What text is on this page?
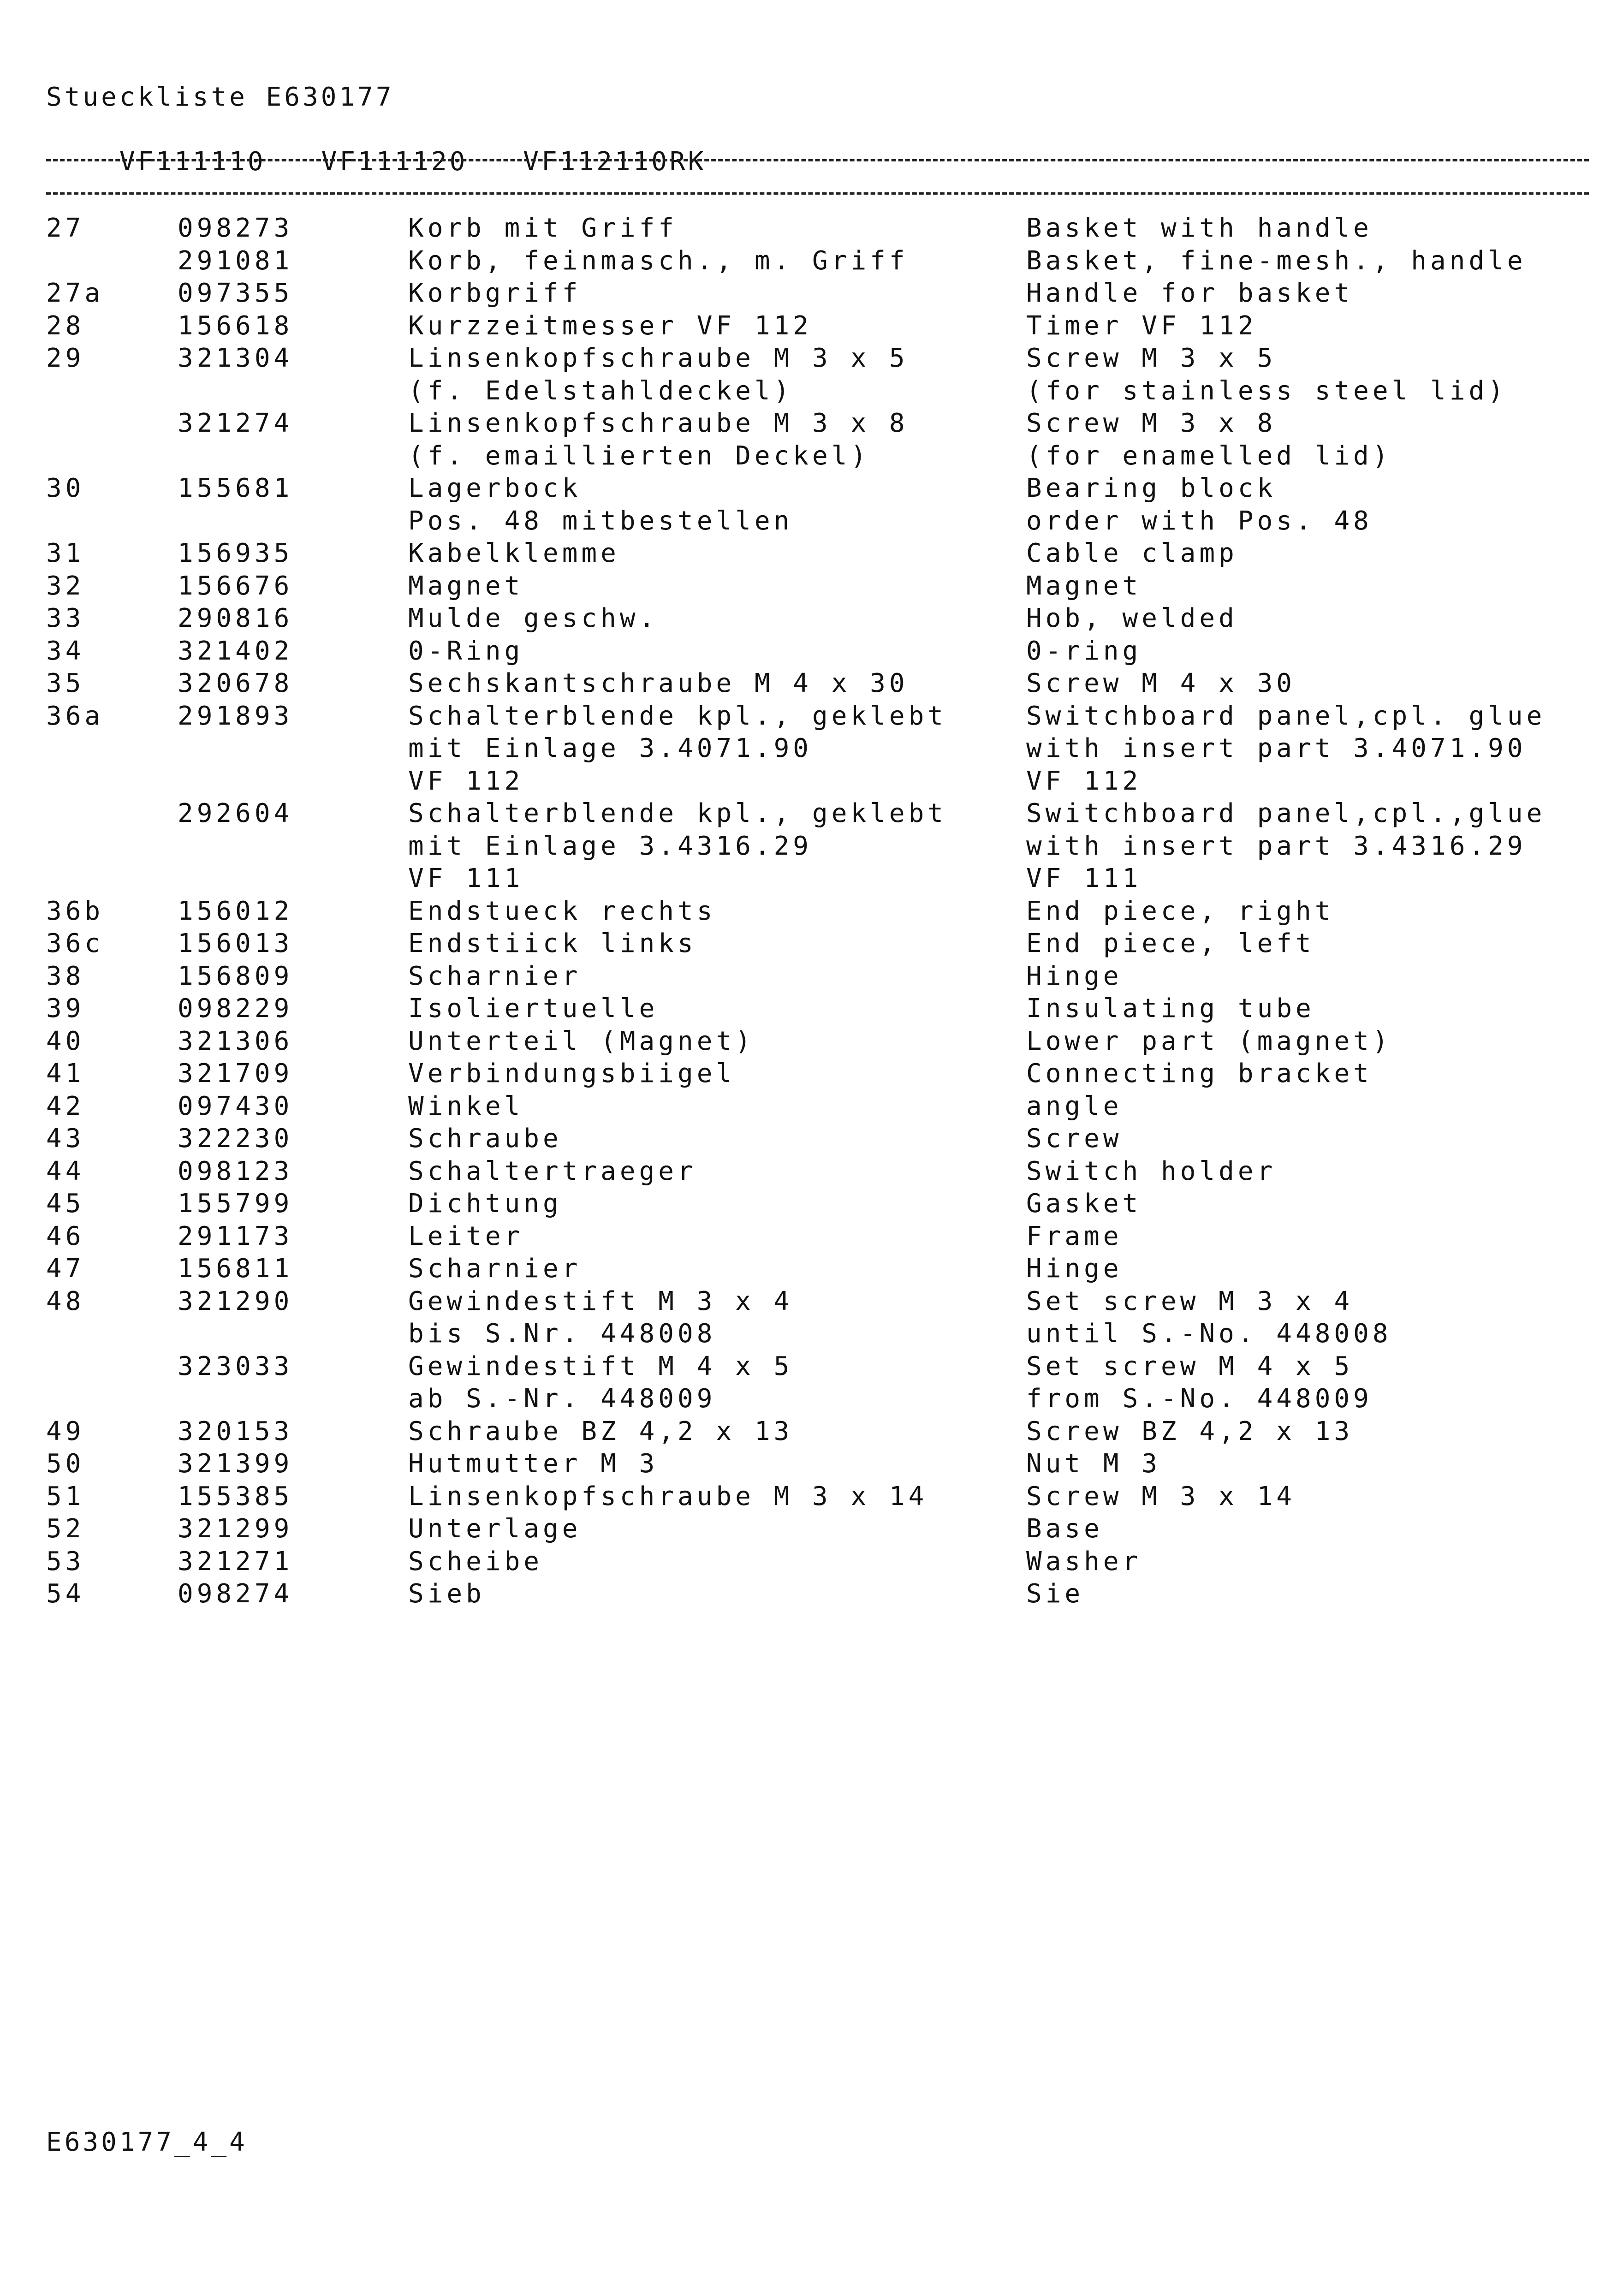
Stueckliste E630177

VF111110 VF111120 VF112110RK

27	098273	Korb mit Griff	Basket with handle
	291081	Korb, feinmasch., m. Griff	Basket, fine-mesh., handle
27a	097355	Korbgriff	Handle for basket
28	156618	Kurzzeitmesser VF 112	Timer VF 112
29	321304	Linsenkopfschraube M 3 x 5	Screw M 3 x 5
		(f. Edelstahldeckel)	(for stainless steel lid)
	321274	Linsenkopfschraube M 3 x 8	Screw M 3 x 8
		(f. emaillierten Deckel)	(for enamelled lid)
30	155681	Lagerbock	Bearing block
		Pos. 48 mitbestellen	order with Pos. 48
31	156935	Kabelklemme	Cable clamp
32	156676	Magnet	Magnet
33	290816	Mulde geschw.	Hob, welded
34	321402	0-Ring	0-ring
35	320678	Sechskantschraube M 4 x 30	Screw M 4 x 30
36a	291893	Schalterblende kpl., geklebt	Switchboard panel,cpl. glue
		mit Einlage 3.4071.90	with insert part 3.4071.90
		VF 112	VF 112
	292604	Schalterblende kpl., geklebt	Switchboard panel,cpl.,glue
		mit Einlage 3.4316.29	with insert part 3.4316.29
		VF 111	VF 111
36b	156012	Endstueck rechts	End piece, right
36c	156013	Endstiick links	End piece, left
38	156809	Scharnier	Hinge
39	098229	Isoliertuelle	Insulating tube
40	321306	Unterteil (Magnet)	Lower part (magnet)
41	321709	Verbindungsbiigel	Connecting bracket
42	097430	Winkel	angle
43	322230	Schraube	Screw
44	098123	Schaltertraeger	Switch holder
45	155799	Dichtung	Gasket
46	291173	Leiter	Frame
47	156811	Scharnier	Hinge
48	321290	Gewindestift M 3 x 4	Set screw M 3 x 4
		bis S.Nr. 448008	until S.-No. 448008
	323033	Gewindestift M 4 x 5	Set screw M 4 x 5
		ab S.-Nr. 448009	from S.-No. 448009
49	320153	Schraube BZ 4,2 x 13	Screw BZ 4,2 x 13
50	321399	Hutmutter M 3	Nut M 3
51	155385	Linsenkopfschraube M 3 x 14	Screw M 3 x 14
52	321299	Unterlage	Base
53	321271	Scheibe	Washer
54	098274	Sieb	Sie
E630177_4_4
